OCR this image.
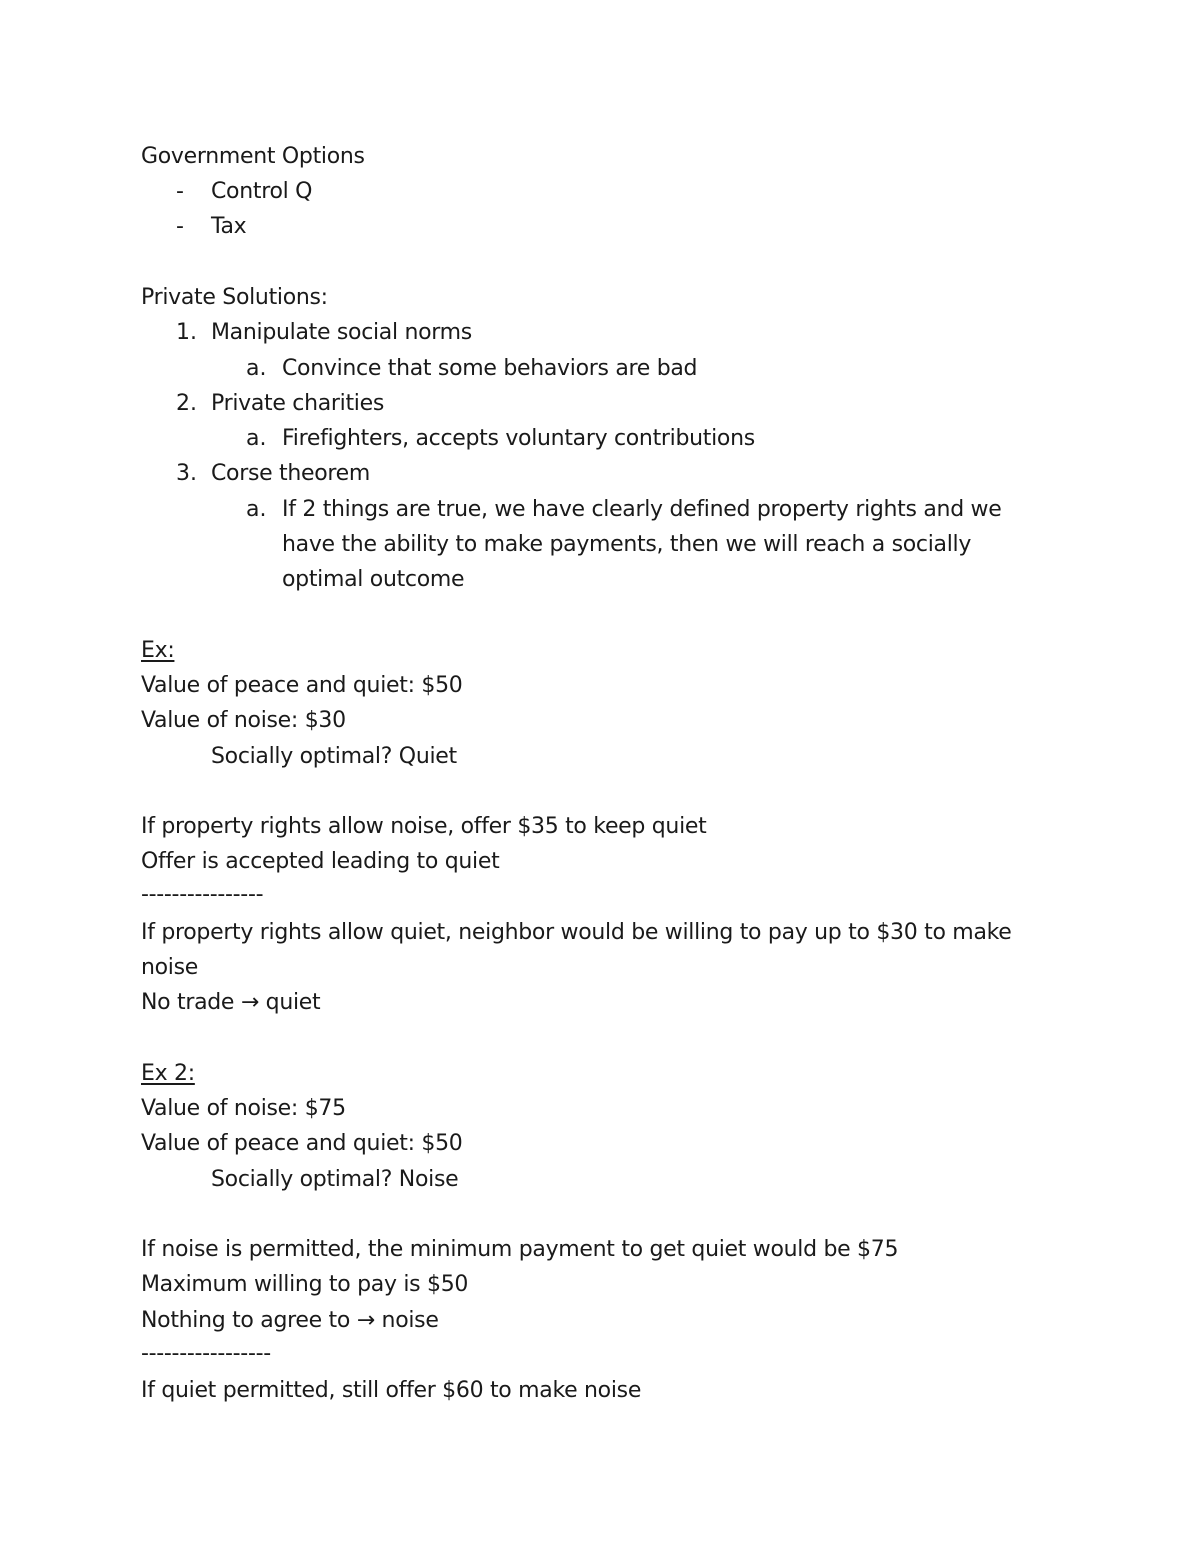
Government Options
- Control Q
- Tax
Private Solutions:
1. Manipulate social norms
a. Convince that some behaviors are bad
2. Private charities
a. Firefighters, accepts voluntary contributions
3. Corse theorem
a. If 2 things are true, we have clearly defined property rights and we
have the ability to make payments, then we will reach a socially
optimal outcome
Ex:
Value of peace and quiet: $50
Value of noise: $30
Socially optimal? Quiet
If property rights allow noise, offer $35 to keep quiet
Offer is accepted leading to quiet
----------------
If property rights allow quiet, neighbor would be willing to pay up to $30 to make
noise
No trade → quiet
Ex 2:
Value of noise: $75
Value of peace and quiet: $50
Socially optimal? Noise
If noise is permitted, the minimum payment to get quiet would be $75
Maximum willing to pay is $50
Nothing to agree to → noise
-----------------
If quiet permitted, still offer $60 to make noise
